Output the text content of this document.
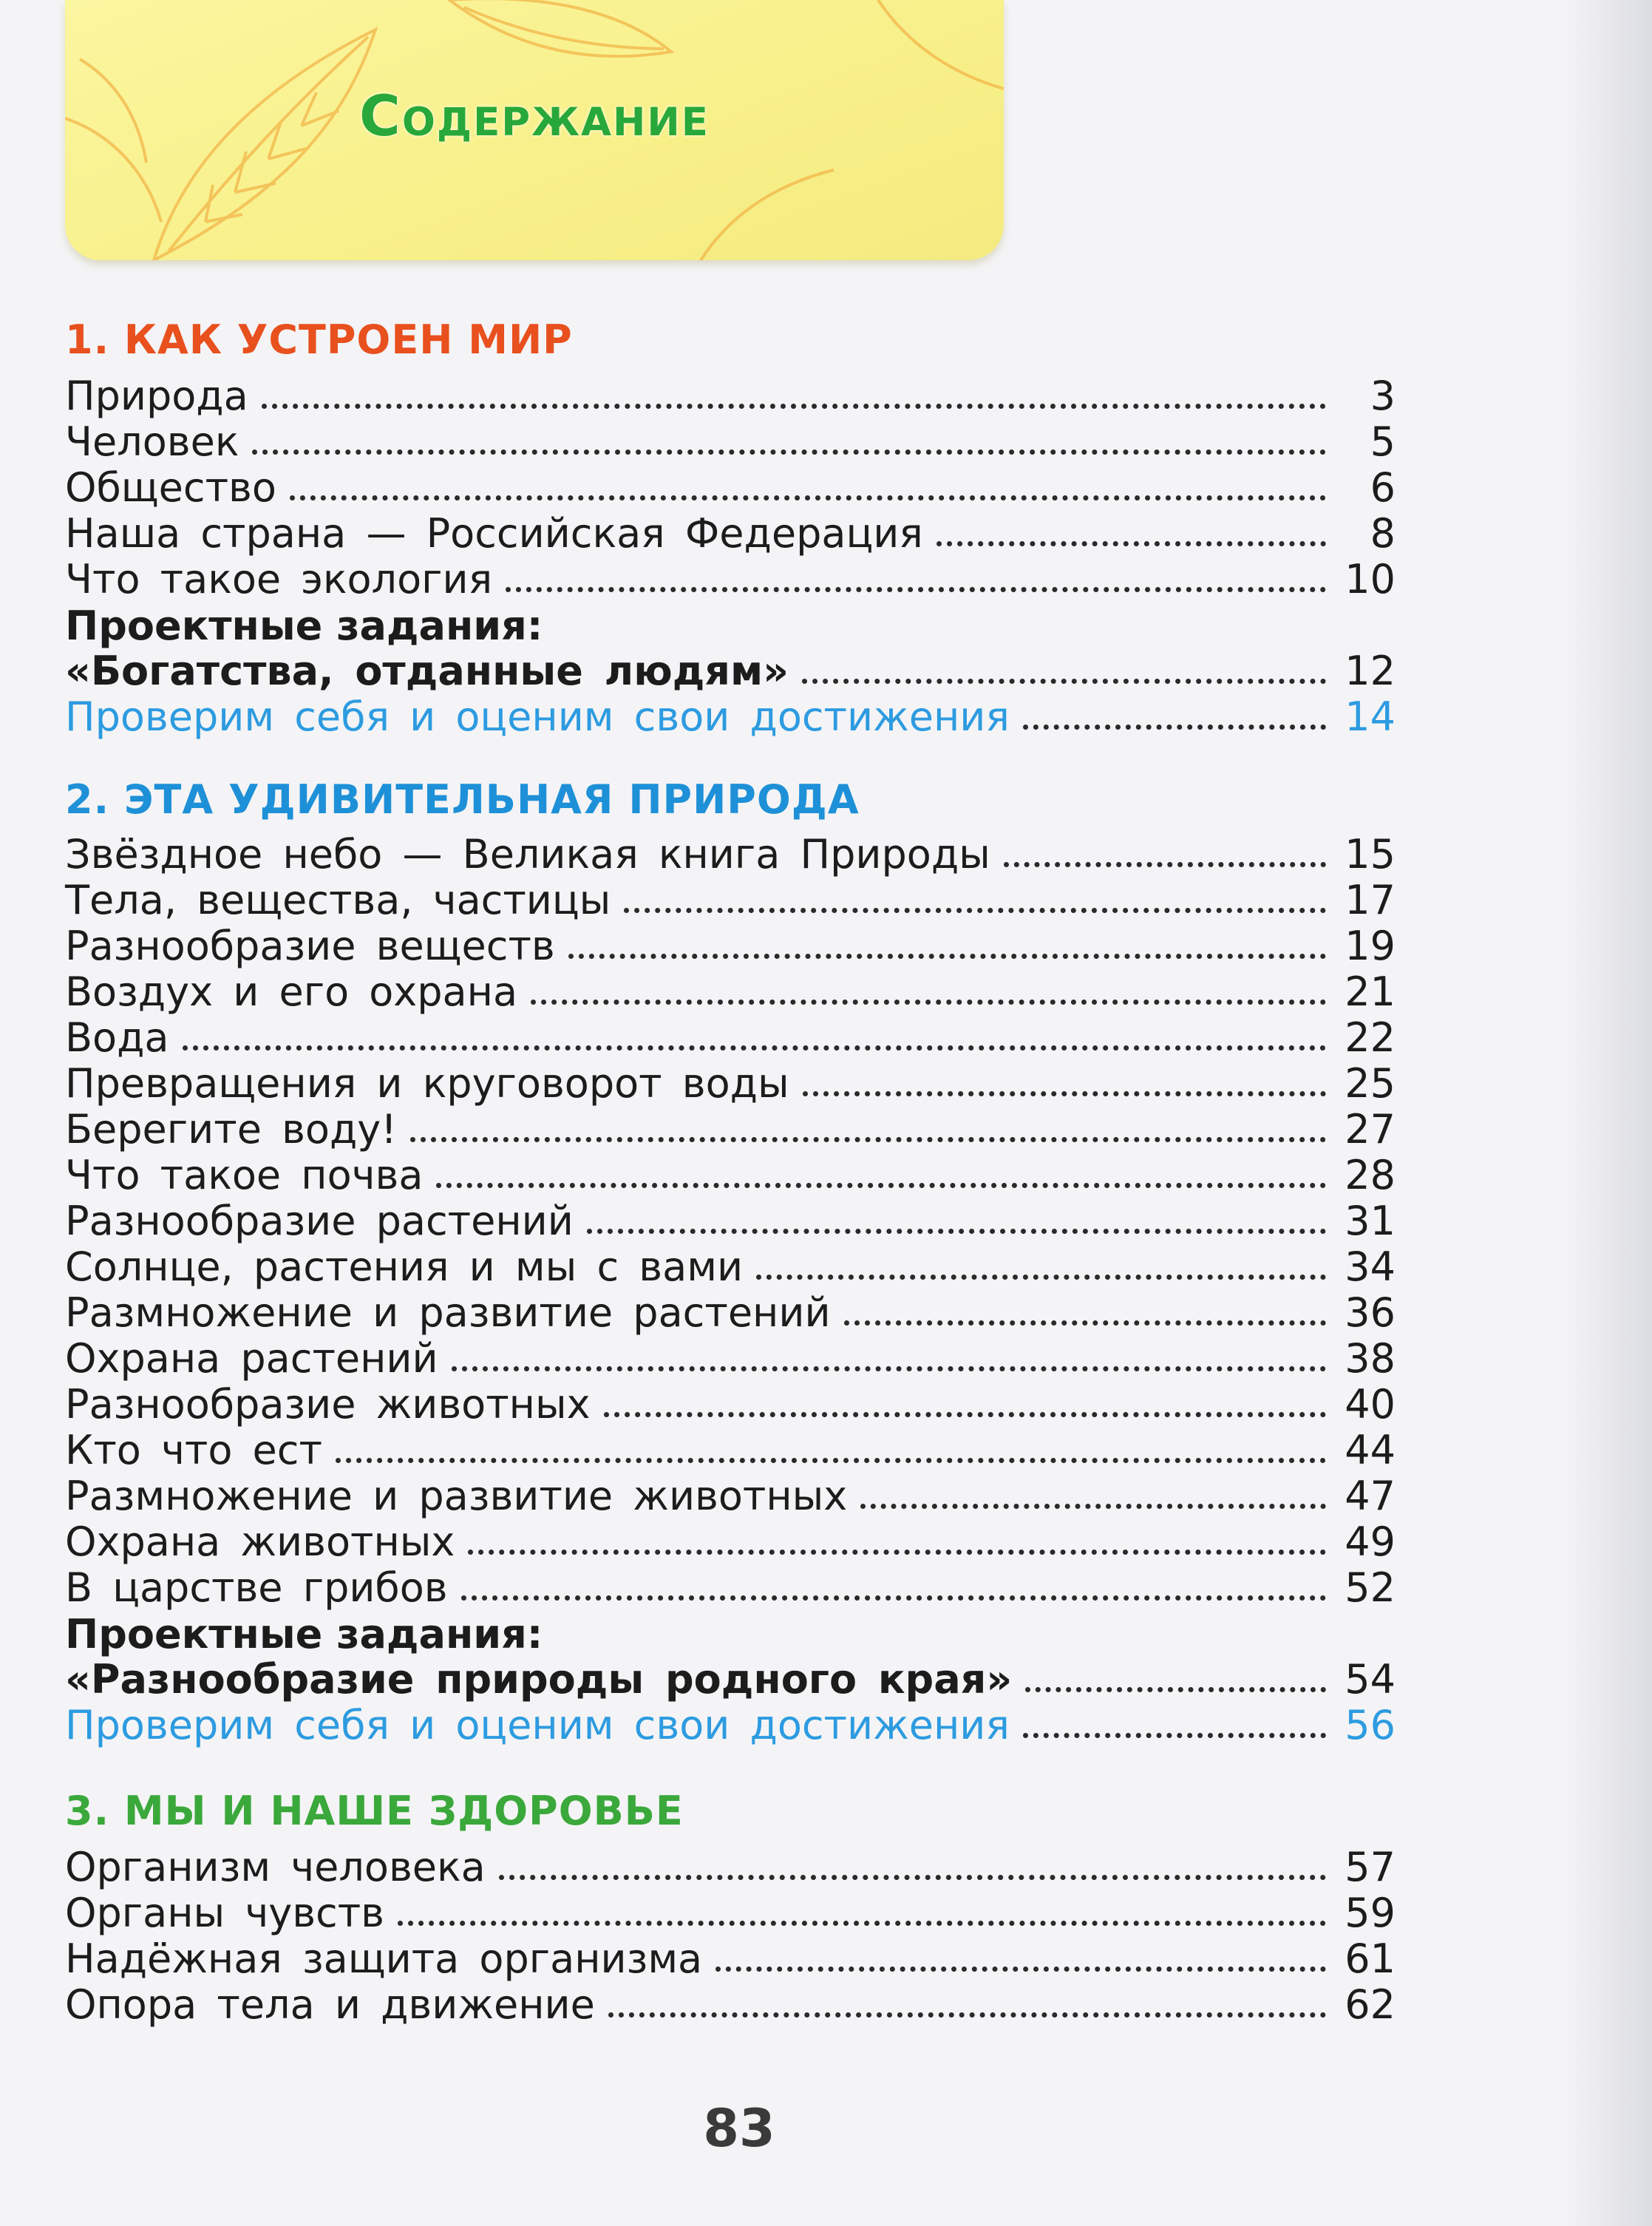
Содержание
1. КАК УСТРОЕН МИР
Природа	3
Человек	5
Общество	6
Наша страна — Российская Федерация	8
Что такое экология	10
Проектные задания:
«Богатства, отданные людям»	12
Проверим себя и оценим свои достижения	14
2. ЭТА УДИВИТЕЛЬНАЯ ПРИРОДА
Звёздное небо — Великая книга Природы	15
Тела, вещества, частицы	17
Разнообразие веществ	19
Воздух и его охрана	21
Вода	22
Превращения и круговорот воды	25
Берегите воду!	27
Что такое почва	28
Разнообразие растений	31
Солнце, растения и мы с вами	34
Размножение и развитие растений	36
Охрана растений	38
Разнообразие животных	40
Кто что ест	44
Размножение и развитие животных	47
Охрана животных	49
В царстве грибов	52
Проектные задания:
«Разнообразие природы родного края»	54
Проверим себя и оценим свои достижения	56
3. МЫ И НАШЕ ЗДОРОВЬЕ
Организм человека	57
Органы чувств	59
Надёжная защита организма	61
Опора тела и движение	62
83
